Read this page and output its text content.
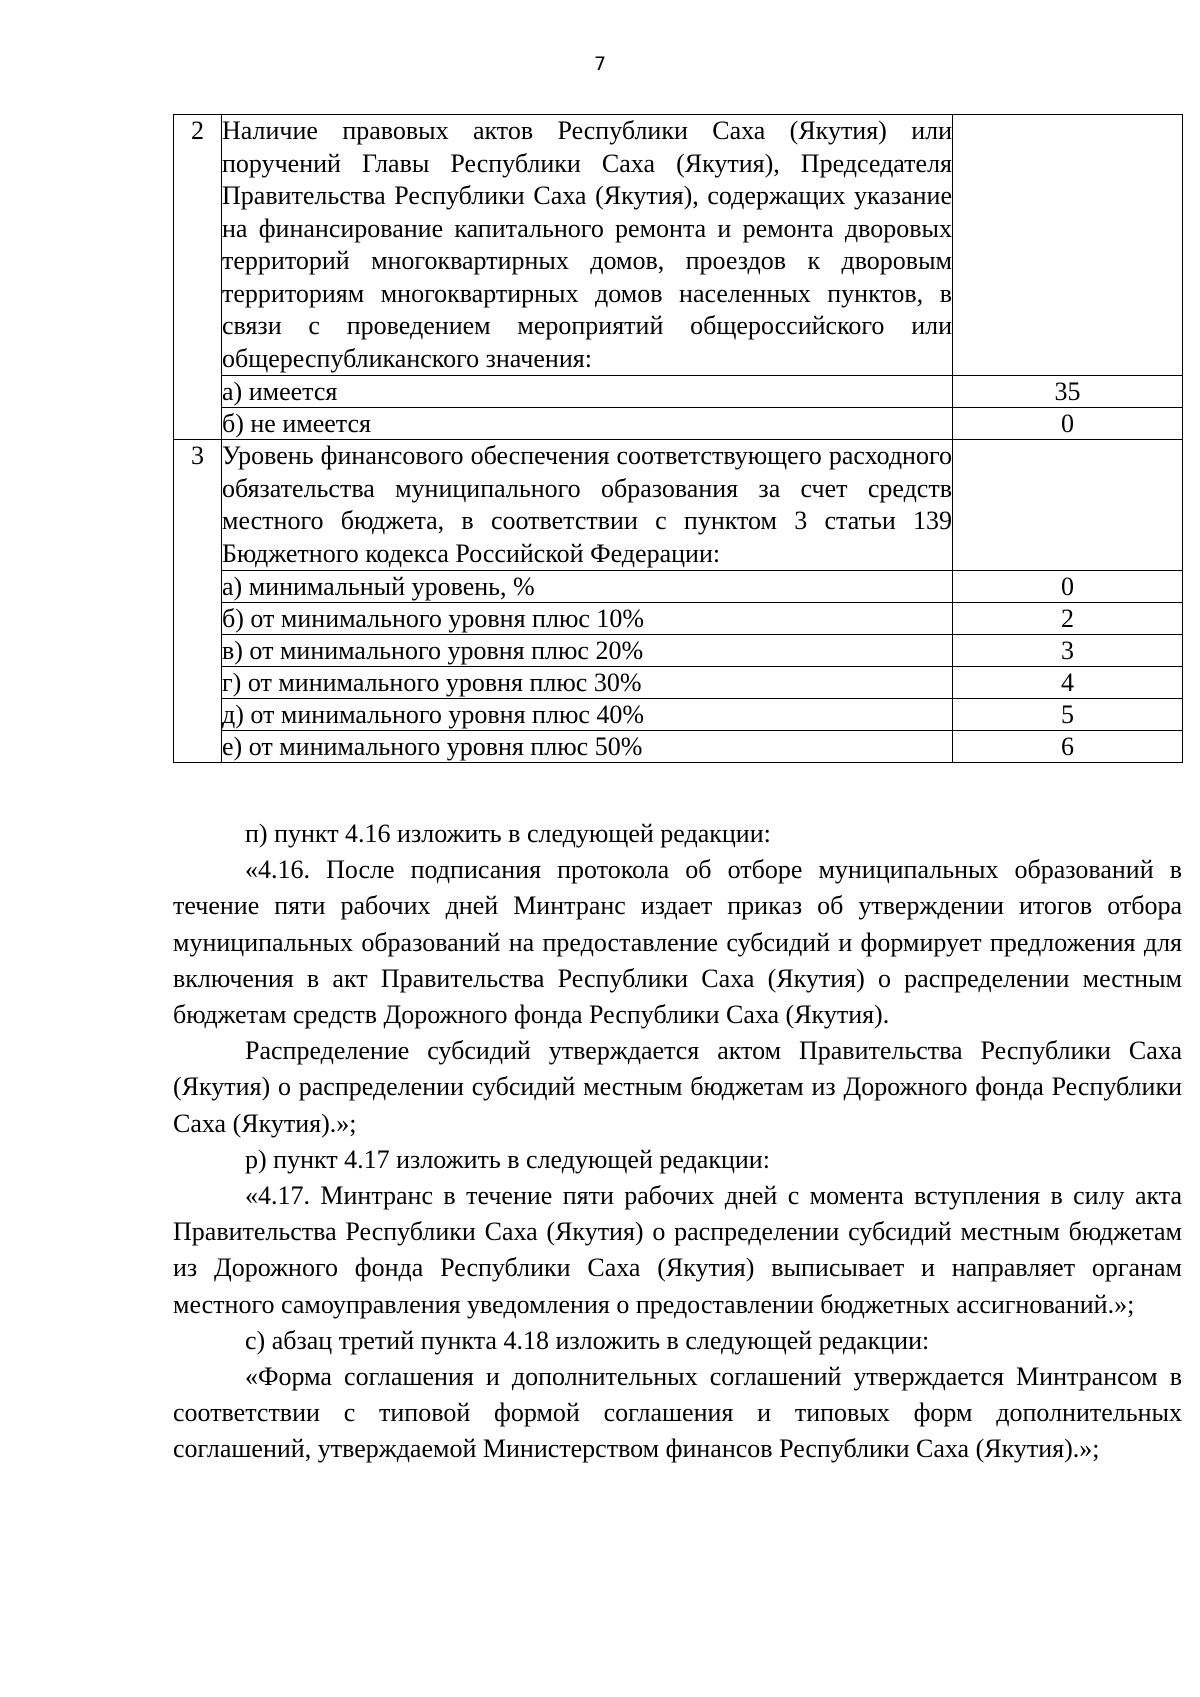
7
2	Наличие правовых актов Республики Саха (Якутия) или поручений Главы Республики Саха (Якутия), Председателя Правительства Республики Саха (Якутия), содержащих указание на финансирование капитального ремонта и ремонта дворовых территорий многоквартирных домов, проездов к дворовым территориям многоквартирных домов населенных пунктов, в связи с проведением мероприятий общероссийского или общереспубликанского значения:	

	а) имеется	35
	б) не имеется	0
3	Уровень финансового обеспечения соответствующего расходного обязательства муниципального образования за счет средств местного бюджета, в соответствии с пунктом 3 статьи 139 Бюджетного кодекса Российской Федерации:	

	а) минимальный уровень, %	0
	б) от минимального уровня плюс 10%	2
	в) от минимального уровня плюс 20%	3
	г) от минимального уровня плюс 30%	4
	д) от минимального уровня плюс 40%	5
	е) от минимального уровня плюс 50%	6

п) пункт 4.16 изложить в следующей редакции:

«4.16. После подписания протокола об отборе муниципальных образований в течение пяти рабочих дней Минтранс издает приказ об утверждении итогов отбора муниципальных образований на предоставление субсидий и формирует предложения для включения в акт Правительства Республики Саха (Якутия) о распределении местным бюджетам средств Дорожного фонда Республики Саха (Якутия).

Распределение субсидий утверждается актом Правительства Республики Саха (Якутия) о распределении субсидий местным бюджетам из Дорожного фонда Республики Саха (Якутия).»;

р) пункт 4.17 изложить в следующей редакции:

«4.17. Минтранс в течение пяти рабочих дней с момента вступления в силу акта Правительства Республики Саха (Якутия) о распределении субсидий местным бюджетам из Дорожного фонда Республики Саха (Якутия) выписывает и направляет органам местного самоуправления уведомления о предоставлении бюджетных ассигнований.»;

с) абзац третий пункта 4.18 изложить в следующей редакции:

«Форма соглашения и дополнительных соглашений утверждается Минтрансом в соответствии с типовой формой соглашения и типовых форм дополнительных соглашений, утверждаемой Министерством финансов Республики Саха (Якутия).»;
